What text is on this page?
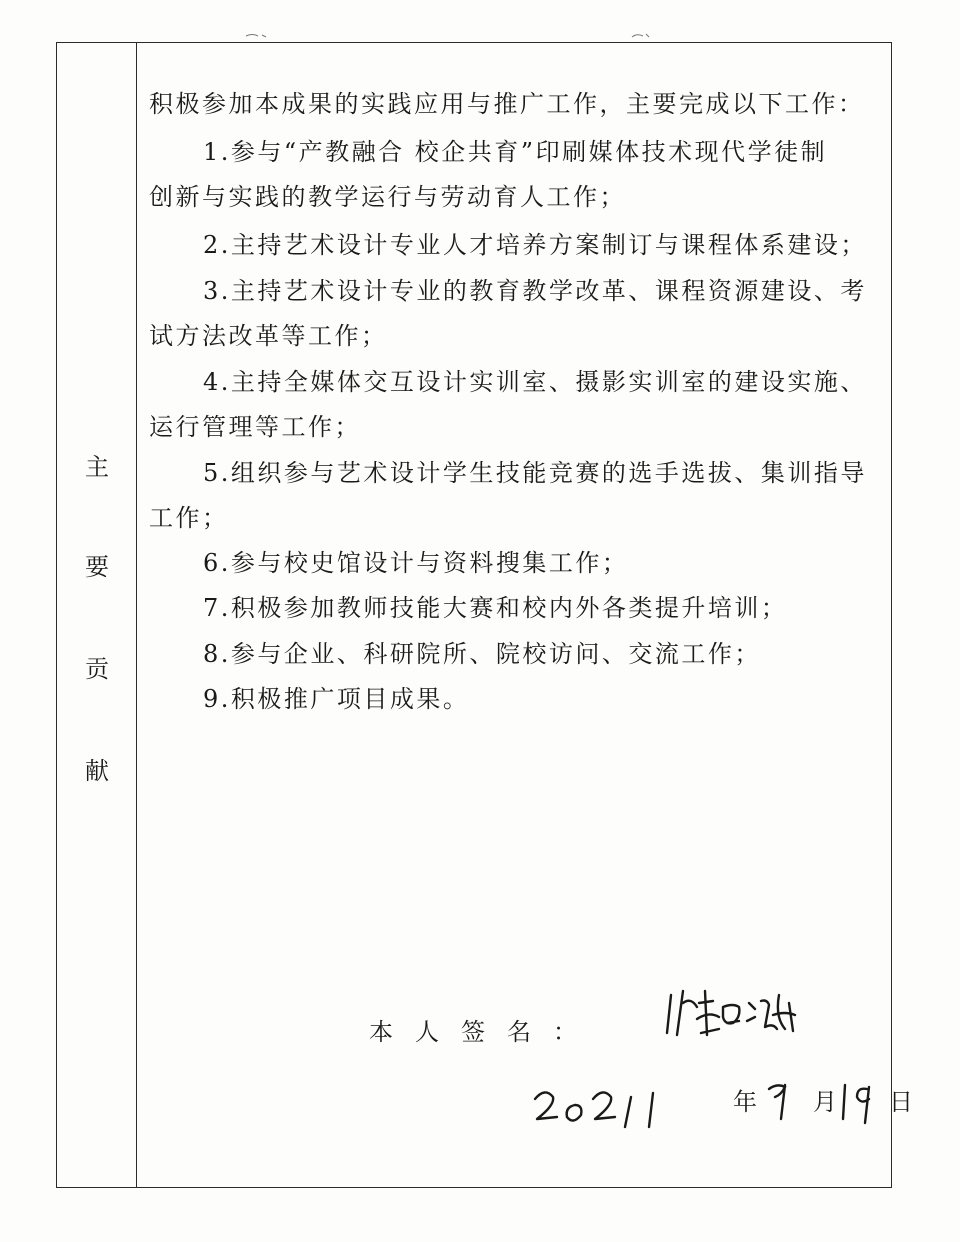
主
要
贡
献
积极参加本成果的实践应用与推广工作，主要完成以下工作：
1.参与“产教融合 校企共育”印刷媒体技术现代学徒制
创新与实践的教学运行与劳动育人工作；
2.主持艺术设计专业人才培养方案制订与课程体系建设；
3.主持艺术设计专业的教育教学改革、课程资源建设、考
试方法改革等工作；
4.主持全媒体交互设计实训室、摄影实训室的建设实施、
运行管理等工作；
5.组织参与艺术设计学生技能竞赛的选手选拔、集训指导
工作；
6.参与校史馆设计与资料搜集工作；
7.积极参加教师技能大赛和校内外各类提升培训；
8.参与企业、科研院所、院校访问、交流工作；
9.积极推广项目成果。
本人签名：
年 月 日
